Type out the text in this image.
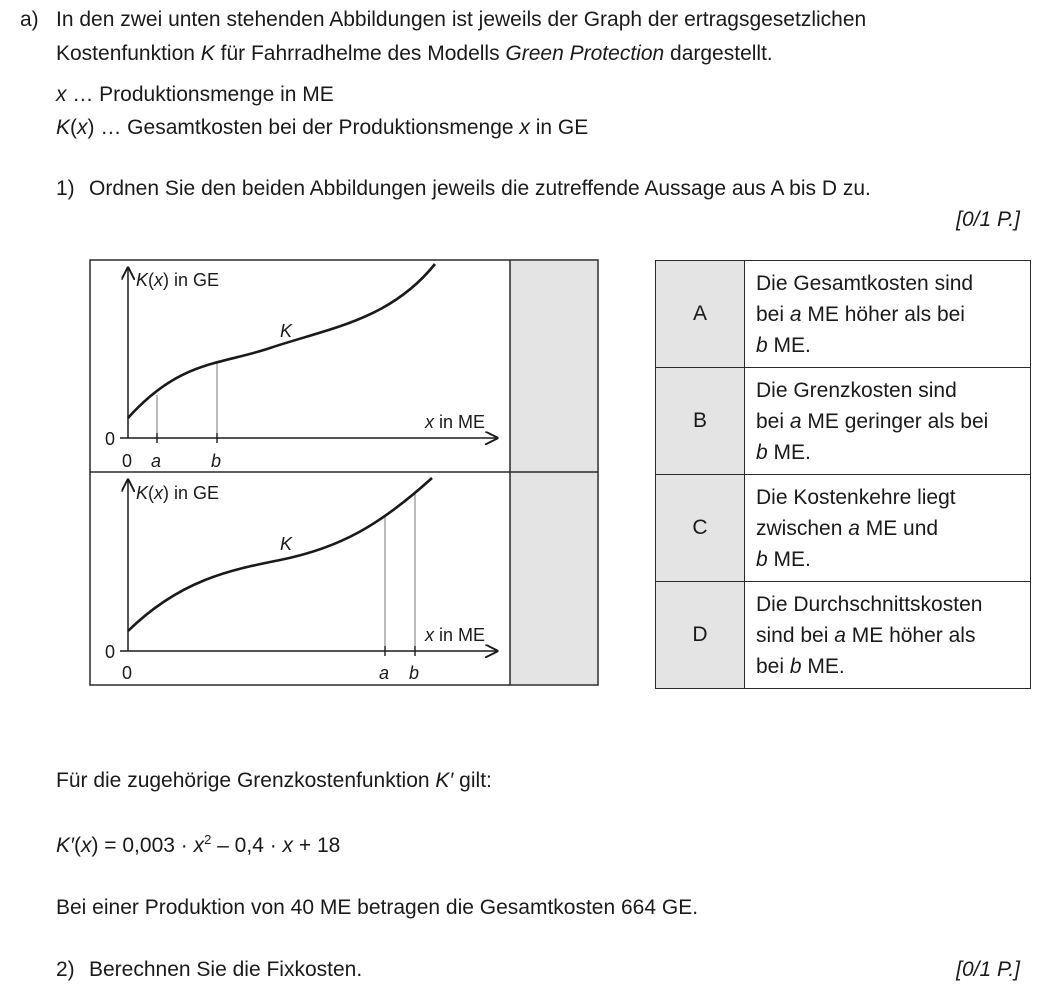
a) In den zwei unten stehenden Abbildungen ist jeweils der Graph der ertragsgesetzlichen
Kostenfunktion K für Fahrradhelme des Modells Green Protection dargestellt.
x … Produktionsmenge in ME
K(x) … Gesamtkosten bei der Produktionsmenge x in GE
1) Ordnen Sie den beiden Abbildungen jeweils die zutreffende Aussage aus A bis D zu.
[0/1 P.]
K(x) in GE
x in ME
K
0
0 a	b
K(x) in GE
x in ME
K
0
0	a b
A	Die Gesamtkosten sind
bei a ME höher als bei
b ME.
B	Die Grenzkosten sind
bei a ME geringer als bei
b ME.
C	Die Kostenkehre liegt
zwischen a ME und
b ME.
D	Die Durchschnittskosten
sind bei a ME höher als
bei b ME.
Für die zugehörige Grenzkostenfunktion K′ gilt:
$K'(x) = 0,003 \cdot x^2 - 0,4 \cdot x + 18$
Bei einer Produktion von 40 ME betragen die Gesamtkosten 664 GE.
2) Berechnen Sie die Fixkosten.	[0/1 P.]
